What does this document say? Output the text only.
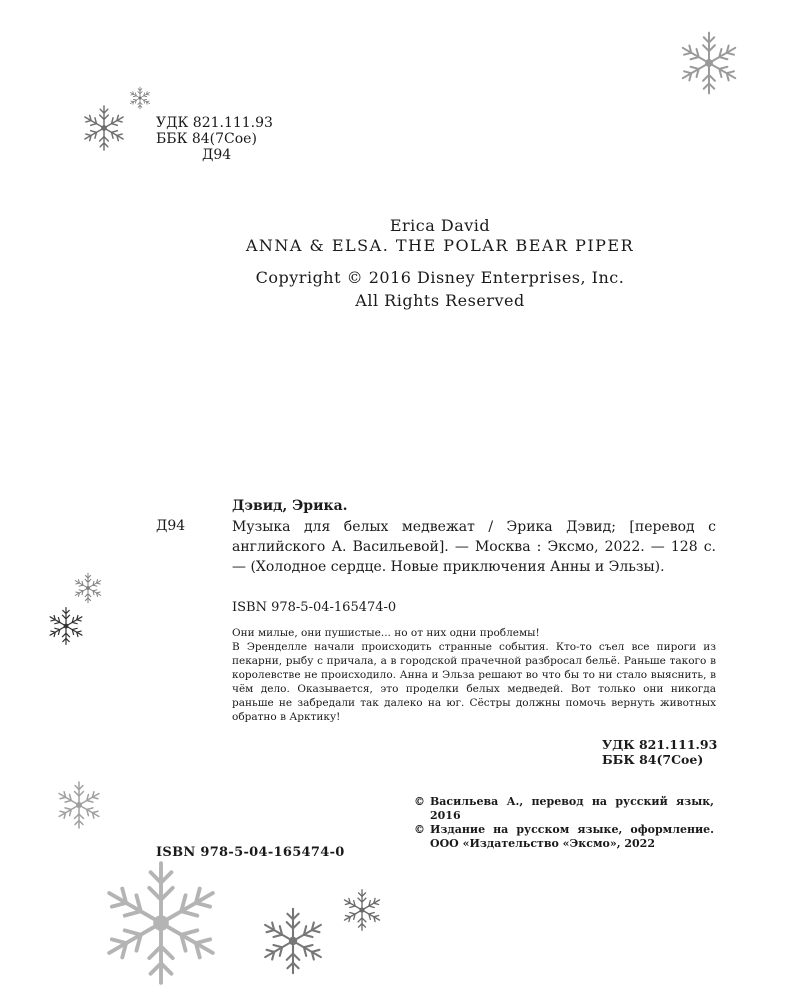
УДК 821.111.93
ББК 84(7Сое)
Д94
Erica David
ANNA & ELSA. THE POLAR BEAR PIPER
Copyright © 2016 Disney Enterprises, Inc.
All Rights Reserved
Дэвид, Эрика.
Д94	Музыка для белых медвежат / Эрика Дэвид; [перевод с английского А. Васильевой]. — Москва : Эксмо, 2022. — 128 с. — (Холодное сердце. Новые приключения Анны и Эльзы).
ISBN 978-5-04-165474-0

Они милые, они пушистые... но от них одни проблемы!

В Эренделле начали происходить странные события. Кто-то съел все пироги из пекарни, рыбу с причала, а в городской прачечной разбросал бельё. Раньше такого в королевстве не происходило. Анна и Эльза решают во что бы то ни стало выяснить, в чём дело. Оказывается, это проделки белых медведей. Вот только они никогда раньше не забредали так далеко на юг. Сёстры должны помочь вернуть животных обратно в Арктику!

УДК 821.111.93
ББК 84(7Сое)
© Васильева А., перевод на русский язык, 2016
© Издание на русском языке, оформление. ООО «Издательство «Эксмо», 2022
ISBN 978-5-04-165474-0
